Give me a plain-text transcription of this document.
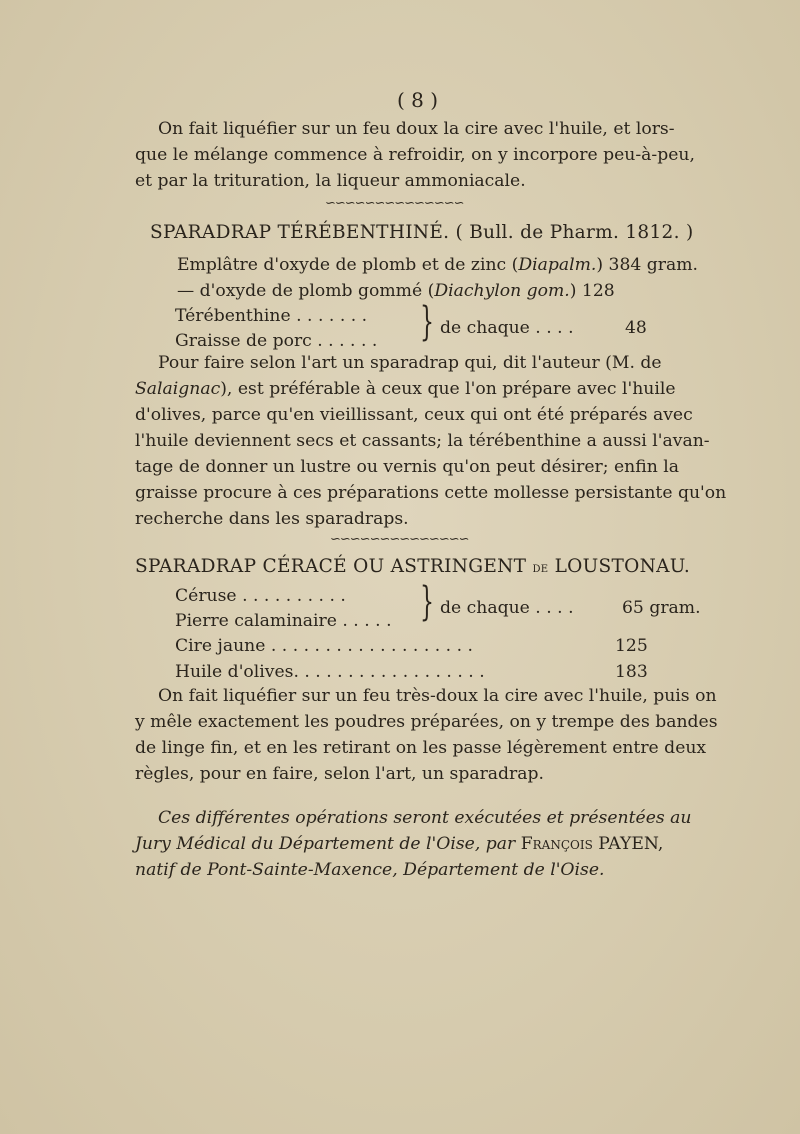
( 8 )
On fait liquéfier sur un feu doux la cire avec l'huile, et lors-
que le mélange commence à refroidir, on y incorpore peu-à-peu,
et par la trituration, la liqueur ammoniacale.
∽∽∽∽∽∽∽∽∽∽∽∽∽∽
SPARADRAP TÉRÉBENTHINÉ. ( Bull. de Pharm. 1812. )
Emplâtre d'oxyde de plomb et de zinc (Diapalm.) 384 gram.
— d'oxyde de plomb gommé (Diachylon gom.) 128
Térébenthine . . . . . . .
Graisse de porc . . . . . . } de chaque . . . .	48
Pour faire selon l'art un sparadrap qui, dit l'auteur (M. de
Salaignac), est préférable à ceux que l'on prépare avec l'huile
d'olives, parce qu'en vieillissant, ceux qui ont été préparés avec
l'huile deviennent secs et cassants; la térébenthine a aussi l'avan-
tage de donner un lustre ou vernis qu'on peut désirer; enfin la
graisse procure à ces préparations cette mollesse persistante qu'on
recherche dans les sparadraps.
∽∽∽∽∽∽∽∽∽∽∽∽∽∽
SPARADRAP CÉRACÉ OU ASTRINGENT de LOUSTONAU.
Céruse . . . . . . . . . .
Pierre calaminaire . . . . . } de chaque . . . .	65 gram.
Cire jaune . . . . . . . . . . . . . . . . . . .	125
Huile d'olives. . . . . . . . . . . . . . . . . .	183
On fait liquéfier sur un feu très-doux la cire avec l'huile, puis on
y mêle exactement les poudres préparées, on y trempe des bandes
de linge fin, et en les retirant on les passe légèrement entre deux
règles, pour en faire, selon l'art, un sparadrap.
Ces différentes opérations seront exécutées et présentées au
Jury Médical du Département de l'Oise, par François PAYEN,
natif de Pont-Sainte-Maxence, Département de l'Oise.
